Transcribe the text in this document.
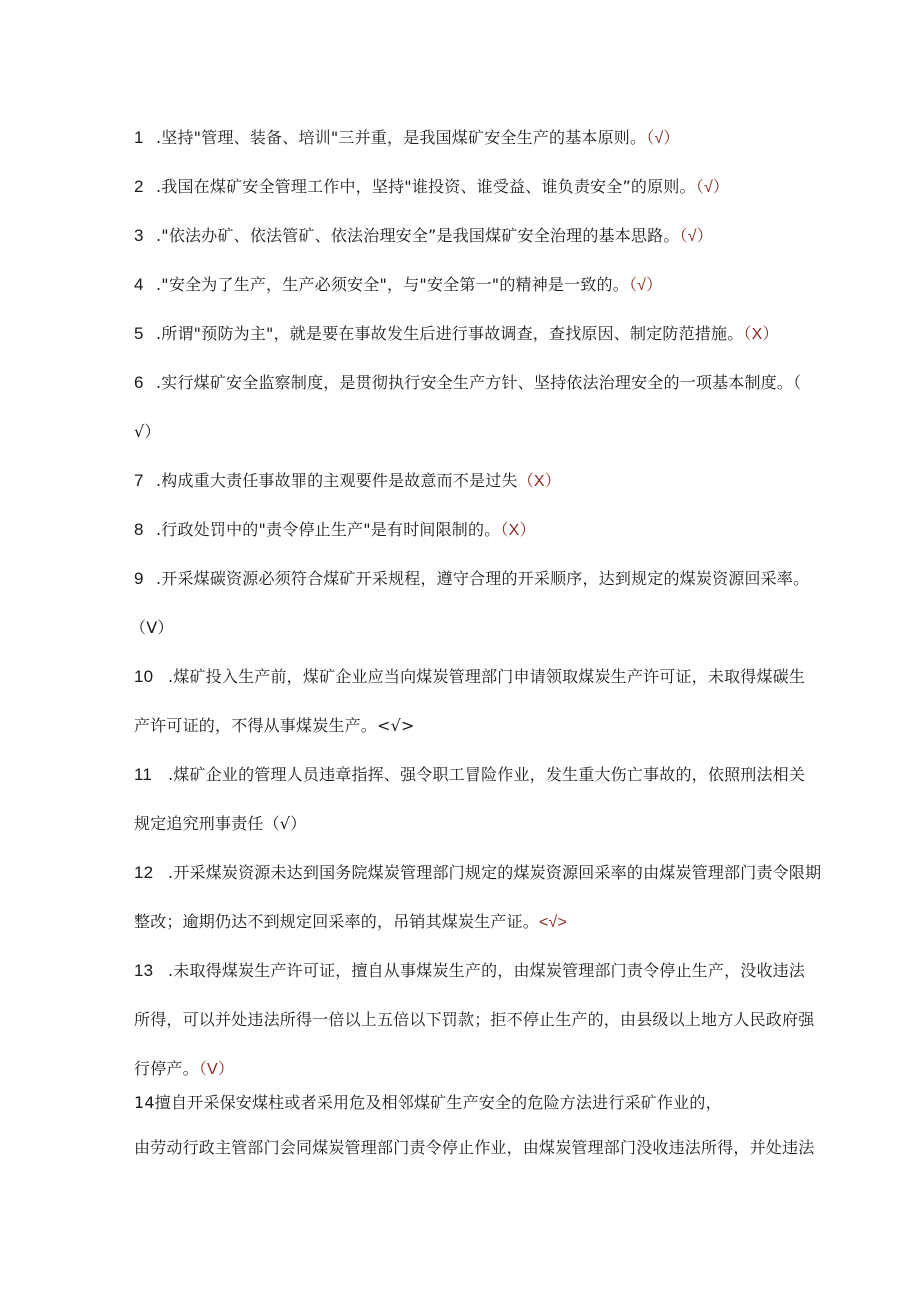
1 .坚持"管理、装备、培训"三并重，是我国煤矿安全生产的基本原则。（√）
2 .我国在煤矿安全管理工作中，坚持"谁投资、谁受益、谁负责安全”的原则。（√）
3 ."依法办矿、依法管矿、依法治理安全”是我国煤矿安全治理的基本思路。（√）
4 ."安全为了生产，生产必须安全"，与"安全第一"的精神是一致的。（√）
5 .所谓"预防为主"，就是要在事故发生后进行事故调查，查找原因、制定防范措施。（X）
6 .实行煤矿安全监察制度，是贯彻执行安全生产方针、坚持依法治理安全的一项基本制度。（
√）
7 .构成重大责任事故罪的主观要件是故意而不是过失（X）
8 .行政处罚中的"责令停止生产"是有时间限制的。（X）
9 .开采煤碳资源必须符合煤矿开采规程，遵守合理的开采顺序，达到规定的煤炭资源回采率。
（V）
10 .煤矿投入生产前，煤矿企业应当向煤炭管理部门申请领取煤炭生产许可证，未取得煤碳生
产许可证的，不得从事煤炭生产。<√>
11 .煤矿企业的管理人员违章指挥、强令职工冒险作业，发生重大伤亡事故的，依照刑法相关
规定追究刑事责任（√）
12 .开采煤炭资源未达到国务院煤炭管理部门规定的煤炭资源回采率的由煤炭管理部门责令限期
整改；逾期仍达不到规定回采率的，吊销其煤炭生产证。<√>
13 .未取得煤炭生产许可证，擅自从事煤炭生产的，由煤炭管理部门责令停止生产，没收违法
所得，可以并处违法所得一倍以上五倍以下罚款；拒不停止生产的，由县级以上地方人民政府强
行停产。（V）
14擅自开采保安煤柱或者采用危及相邻煤矿生产安全的危险方法进行采矿作业的，
由劳动行政主管部门会同煤炭管理部门责令停止作业，由煤炭管理部门没收违法所得，并处违法
